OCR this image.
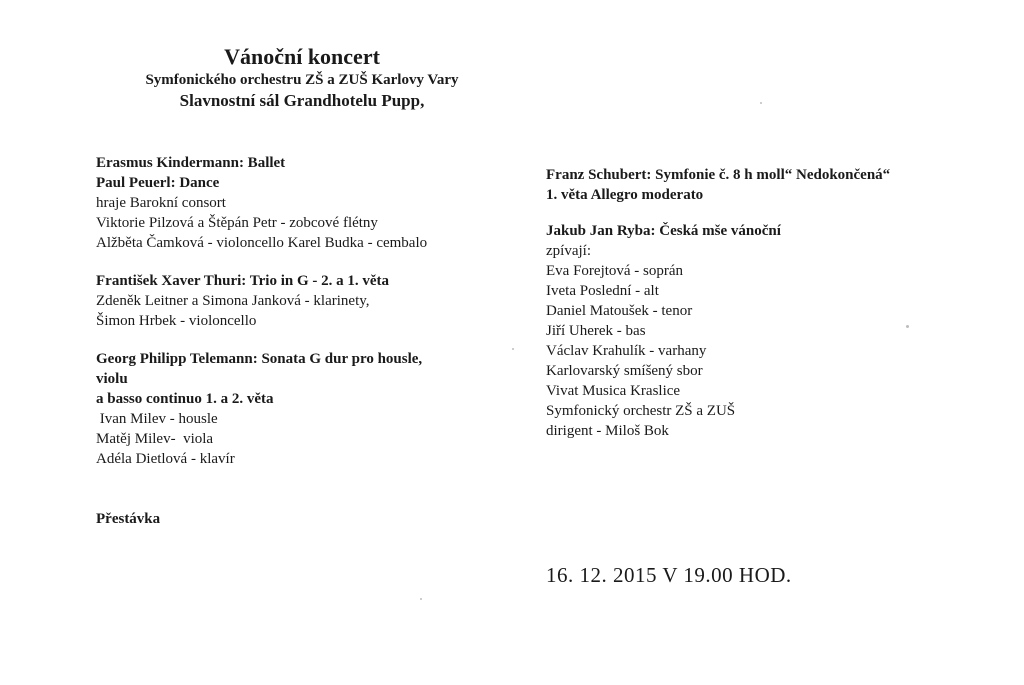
Vánoční koncert
Symfonického orchestru ZŠ a ZUŠ Karlovy Vary
Slavnostní sál Grandhotelu Pupp,
Erasmus Kindermann: Ballet
Paul Peuerl: Dance
hraje Barokní consort
Viktorie Pilzová a Štěpán Petr - zobcové flétny
Alžběta Čamková - violoncello Karel Budka - cembalo
František Xaver Thuri: Trio in G - 2. a 1. věta
Zdeněk Leitner a Simona Janková - klarinety,
Šimon Hrbek - violoncello
Georg Philipp Telemann: Sonata G dur pro housle,
violu
a basso continuo 1. a 2. věta
Ivan Milev - housle
Matěj Milev-  viola
Adéla Dietlová - klavír
Přestávka
Franz Schubert: Symfonie č. 8 h moll“ Nedokončená“
1. věta Allegro moderato
Jakub Jan Ryba: Česká mše vánoční
zpívají:
Eva Forejtová - soprán
Iveta Poslední - alt
Daniel Matoušek - tenor
Jiří Uherek - bas
Václav Krahulík - varhany
Karlovarský smíšený sbor
Vivat Musica Kraslice
Symfonický orchestr ZŠ a ZUŠ
dirigent - Miloš Bok
16. 12. 2015 V 19.00 HOD.
